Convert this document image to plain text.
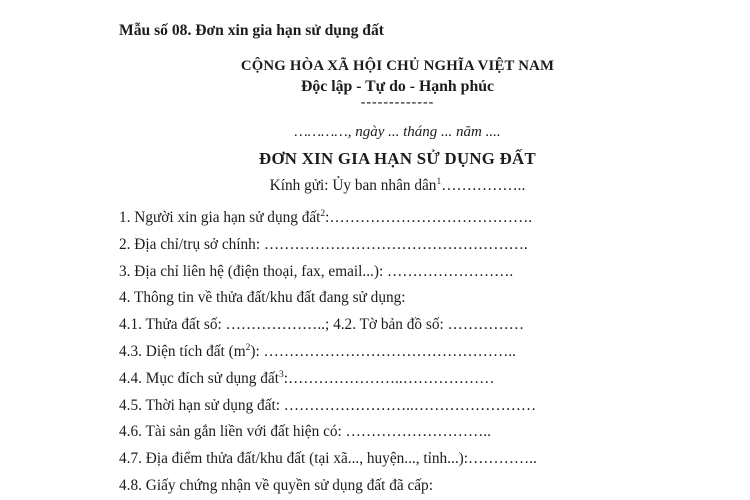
Mẫu số 08. Đơn xin gia hạn sử dụng đất
CỘNG HÒA XÃ HỘI CHỦ NGHĨA VIỆT NAM
Độc lập - Tự do - Hạnh phúc
-------------
…………, ngày ... tháng ... năm ....
ĐƠN XIN GIA HẠN SỬ DỤNG ĐẤT
Kính gửi: Ủy ban nhân dân$^1$……………..
1. Người xin gia hạn sử dụng đất$^2$:………………………………….
2. Địa chỉ/trụ sở chính: …………………………………………….
3. Địa chỉ liên hệ (điện thoại, fax, email...): …………………….
4. Thông tin về thửa đất/khu đất đang sử dụng:
4.1. Thửa đất số: ………………..; 4.2. Tờ bản đồ số: ……………
4.3. Diện tích đất $(m^2)$: …………………………………………..
4.4. Mục đích sử dụng đất$^3$:…………………..………………
4.5. Thời hạn sử dụng đất: ……………………..……………………
4.6. Tài sản gắn liền với đất hiện có: ………………………..
4.7. Địa điểm thửa đất/khu đất (tại xã..., huyện..., tỉnh...):…………..
4.8. Giấy chứng nhận về quyền sử dụng đất đã cấp:
